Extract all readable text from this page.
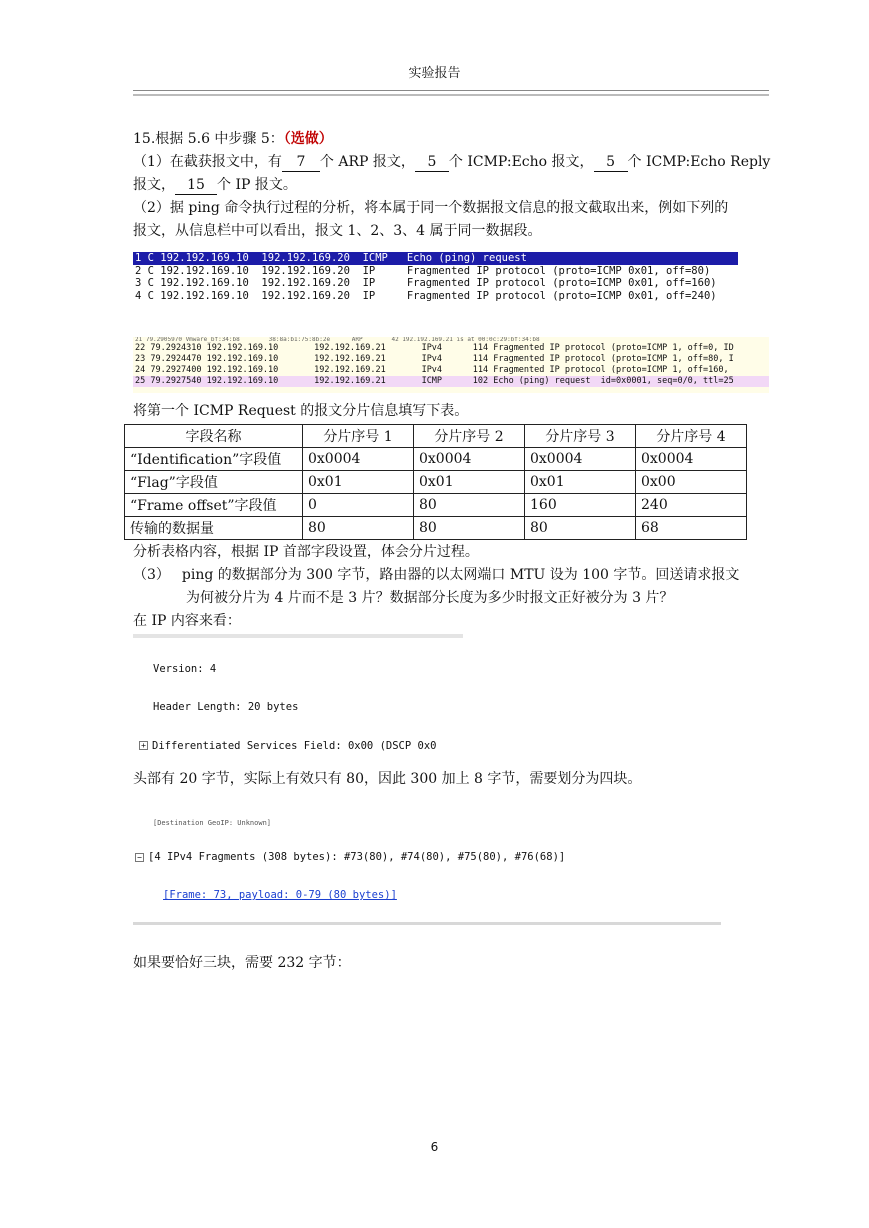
实验报告
15.根据 5.6 中步骤 5：（选做）
（1）在截获报文中，有 7 个 ARP 报文， 5 个 ICMP:Echo 报文， 5 个 ICMP:Echo Reply
报文， 15 个 IP 报文。
（2）据 ping 命令执行过程的分析，将本属于同一个数据报文信息的报文截取出来，例如下列的
报文，从信息栏中可以看出，报文 1、2、3、4 属于同一数据段。
1 C 192.192.169.10  192.192.169.20  ICMP   Echo (ping) request
2 C 192.192.169.10  192.192.169.20  IP     Fragmented IP protocol (proto=ICMP 0x01, off=80)
3 C 192.192.169.10  192.192.169.20  IP     Fragmented IP protocol (proto=ICMP 0x01, off=160)
4 C 192.192.169.10  192.192.169.20  IP     Fragmented IP protocol (proto=ICMP 0x01, off=240)
21 79.2905970 Vmware_bf:34:b8        38:8a:b1:75:8b:2e      ARP        42 192.192.169.21 is at 00:0c:29:bf:34:b8
22 79.2924310 192.192.169.10       192.192.169.21       IPv4      114 Fragmented IP protocol (proto=ICMP 1, off=0, ID
23 79.2924470 192.192.169.10       192.192.169.21       IPv4      114 Fragmented IP protocol (proto=ICMP 1, off=80, I
24 79.2927400 192.192.169.10       192.192.169.21       IPv4      114 Fragmented IP protocol (proto=ICMP 1, off=160,
25 79.2927540 192.192.169.10       192.192.169.21       ICMP      102 Echo (ping) request  id=0x0001, seq=0/0, ttl=25
将第一个 ICMP Request 的报文分片信息填写下表。
字段名称	分片序号 1	分片序号 2	分片序号 3	分片序号 4
“Identification”字段值	0x0004	0x0004	0x0004	0x0004
“Flag”字段值	0x01	0x01	0x01	0x00
“Frame offset”字段值	0	80	160	240
传输的数据量	80	80	80	68
分析表格内容，根据 IP 首部字段设置，体会分片过程。
（3） ping 的数据部分为 300 字节，路由器的以太网端口 MTU 设为 100 字节。回送请求报文
为何被分片为 4 片而不是 3 片？数据部分长度为多少时报文正好被分为 3 片？
在 IP 内容来看：

Version: 4

Header Length: 20 bytes

+ Differentiated Services Field: 0x00 (DSCP 0x0

头部有 20 字节，实际上有效只有 80，因此 300 加上 8 字节，需要划分为四块。

[Destination GeoIP: Unknown]

− [4 IPv4 Fragments (308 bytes): #73(80), #74(80), #75(80), #76(68)]

[Frame: 73, payload: 0-79 (80 bytes)]

如果要恰好三块，需要 232 字节：
6
